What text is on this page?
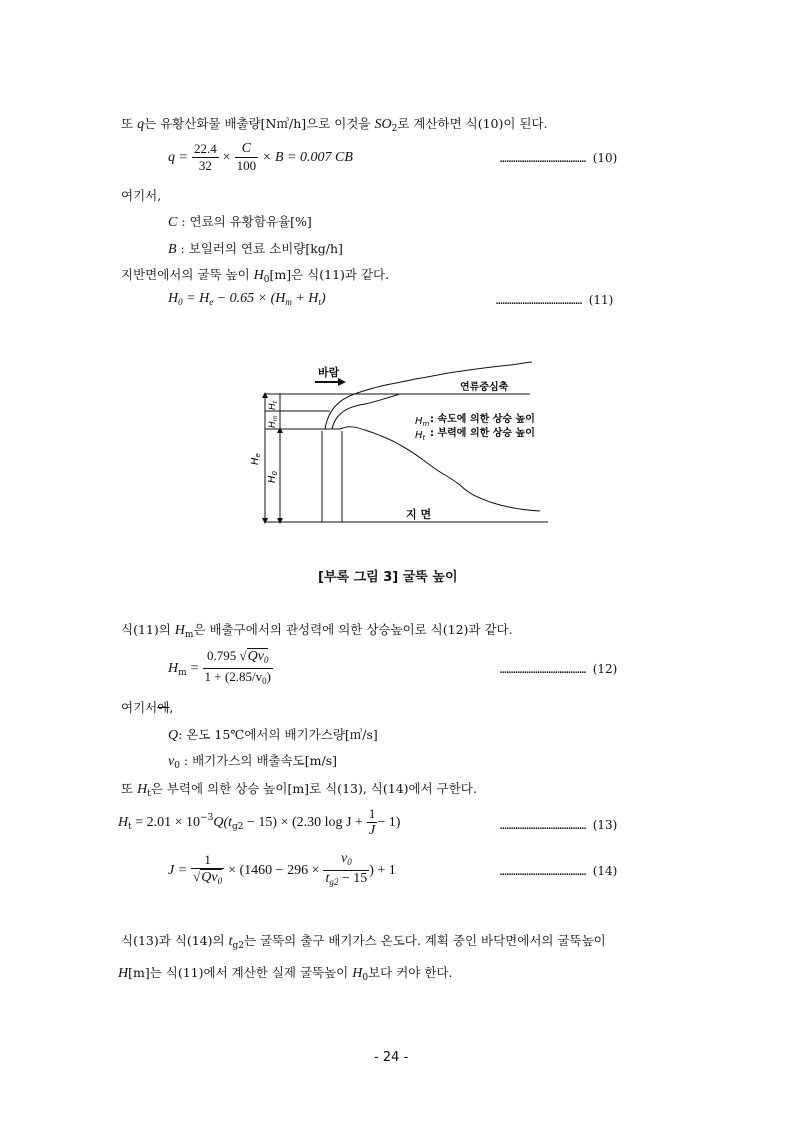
또 q는 유황산화물 배출량[N㎥/h]으로 이것을 $SO_2$로 계산하면 식(10)이 된다.
$q = \frac{22.4}{32} \times \frac{C}{100} \times B = 0.007$ CB	………………………………… (10)
여기서,
C : 연료의 유황함유율[%]
B : 보일러의 연료 소비량[kg/h]
지반면에서의 굴뚝 높이 $H_0[m]$은 식(11)과 같다.
$H_0 = H_e - 0.65 \times (H_m + H_t)$	………………………………… (11)
바람
연류중심축
$H_m$ : 속도에 의한 상승 높이
$H_t$ : 부력에 의한 상승 높이
지 면
$H_e$
$H_0$
$H_m$
$H_t$
[부록 그림 3] 굴뚝 높이
식(11)의 $H_m$은 배출구에서의 관성력에 의한 상승높이로 식(12)과 같다.
$H_m = \frac{0.795 √Qv_0}{1 + (2.85/v_0)}$	………………………………… (12)
여기서에,
Q: 온도 15℃에서의 배기가스량[㎥/s]
$v_0$ : 배기가스의 배출속도[m/s]
또 $H_t$은 부력에 의한 상승 높이[m]로 식(13), 식(14)에서 구한다.
$H_t = 2.01 \times 10^{-3}Q(t_{g2} - 15) \times (2.30$ $\log J + \frac{1}{J} - 1$)	………………………………… (13)
$J = \frac{1}{√Qv_0} \times (1460 - 296 \times \frac{v_0}{t_{g2} - 15}$ ) + 1	………………………………… (14)
식(13)과 식(14)의 $t_{g2}$는 굴뚝의 출구 배기가스 온도다. 계획 중인 바닥면에서의 굴뚝높이
H[m]는 식(11)에서 계산한 실제 굴뚝높이 $H_0$보다 커야 한다.
- 24 -
